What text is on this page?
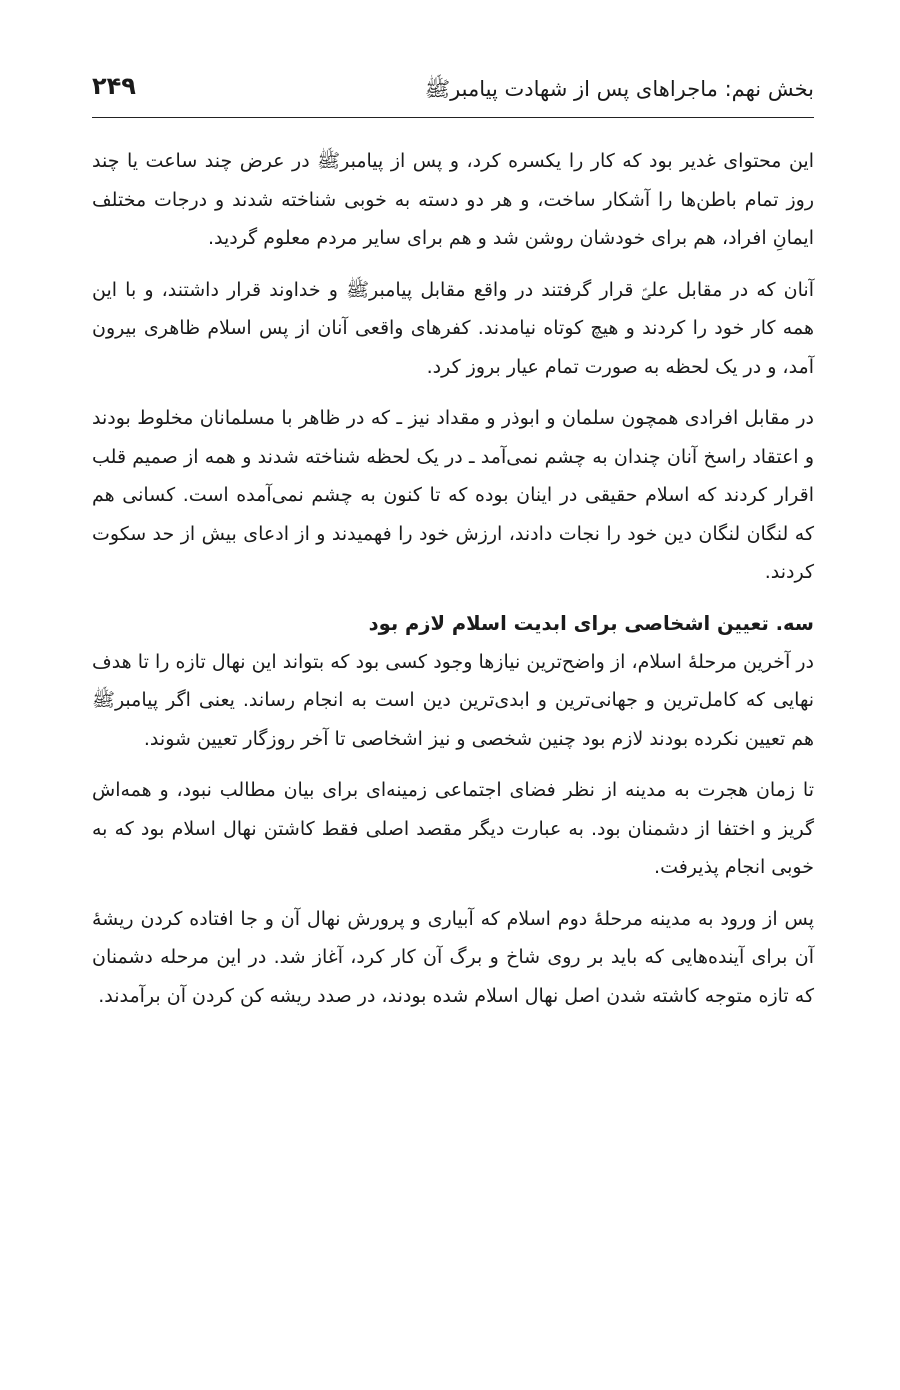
بخش نهم: ماجراهای پس از شهادت پیامبرﷺ
۲۴۹

این محتوای غدیر بود که کار را یکسره کرد، و پس از پیامبرﷺ در عرض چند ساعت یا چند روز تمام باطن‌ها را آشکار ساخت، و هر دو دسته به خوبی شناخته شدند و درجات مختلف ایمانِ افراد، هم برای خودشان روشن شد و هم برای سایر مردم معلوم گردید.

آنان که در مقابل علیؑ قرار گرفتند در واقع مقابل پیامبرﷺ و خداوند قرار داشتند، و با این همه کار خود را کردند و هیچ کوتاه نیامدند. کفرهای واقعی آنان از پس اسلام ظاهری بیرون آمد، و در یک لحظه به صورت تمام عیار بروز کرد.

در مقابل افرادی همچون سلمان و ابوذر و مقداد نیز ـ که در ظاهر با مسلمانان مخلوط بودند و اعتقاد راسخ آنان چندان به چشم نمی‌آمد ـ در یک لحظه شناخته شدند و همه از صمیم قلب اقرار کردند که اسلام حقیقی در اینان بوده که تا کنون به چشم نمی‌آمده است. کسانی هم که لنگان لنگان دین خود را نجات دادند، ارزش خود را فهمیدند و از ادعای بیش از حد سکوت کردند.

سه. تعیین اشخاصی برای ابدیت اسلام لازم بود

در آخرین مرحلهٔ اسلام، از واضح‌ترین نیازها وجود کسی بود که بتواند این نهال تازه را تا هدف نهایی که کامل‌ترین و جهانی‌ترین و ابدی‌ترین دین است به انجام رساند. یعنی اگر پیامبرﷺ هم تعیین نکرده بودند لازم بود چنین شخصی و نیز اشخاصی تا آخر روزگار تعیین شوند.

تا زمان هجرت به مدینه از نظر فضای اجتماعی زمینه‌ای برای بیان مطالب نبود، و همه‌اش گریز و اختفا از دشمنان بود. به عبارت دیگر مقصد اصلی فقط کاشتن نهال اسلام بود که به خوبی انجام پذیرفت.

پس از ورود به مدینه مرحلهٔ دوم اسلام که آبیاری و پرورش نهال آن و جا افتاده کردن ریشهٔ آن برای آینده‌هایی که باید بر روی شاخ و برگ آن کار کرد، آغاز شد. در این مرحله دشمنان که تازه متوجه کاشته شدن اصل نهال اسلام شده بودند، در صدد ریشه کن کردن آن برآمدند.
